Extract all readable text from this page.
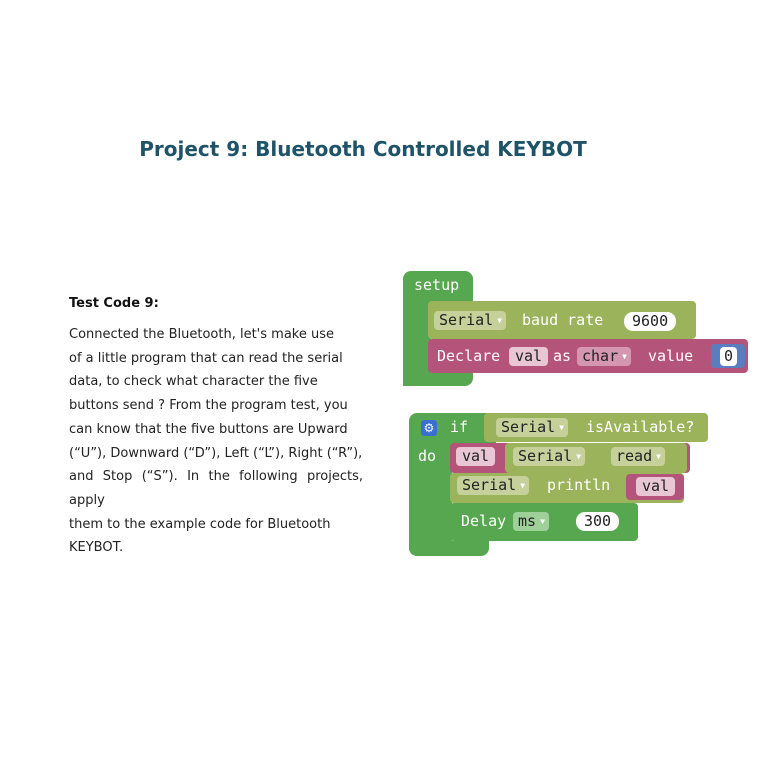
Project 9: Bluetooth Controlled KEYBOT
Test Code 9:
Connected the Bluetooth, let's make use
of a little program that can read the serial
data, to check what character the five
buttons send ? From the program test, you
can know that the five buttons are Upward
(“U”), Downward (“D”), Left (“L”), Right (“R”),
and Stop (“S”). In the following projects, apply
them to the example code for Bluetooth
KEYBOT.
setup
Serial ▼ baud rate	9600
Declare val as char ▼ value 0
⚙ if
do
Serial ▼ isAvailable?
val	Serial ▼	read ▼
Serial ▼ println	val
Delay ms ▼	300
